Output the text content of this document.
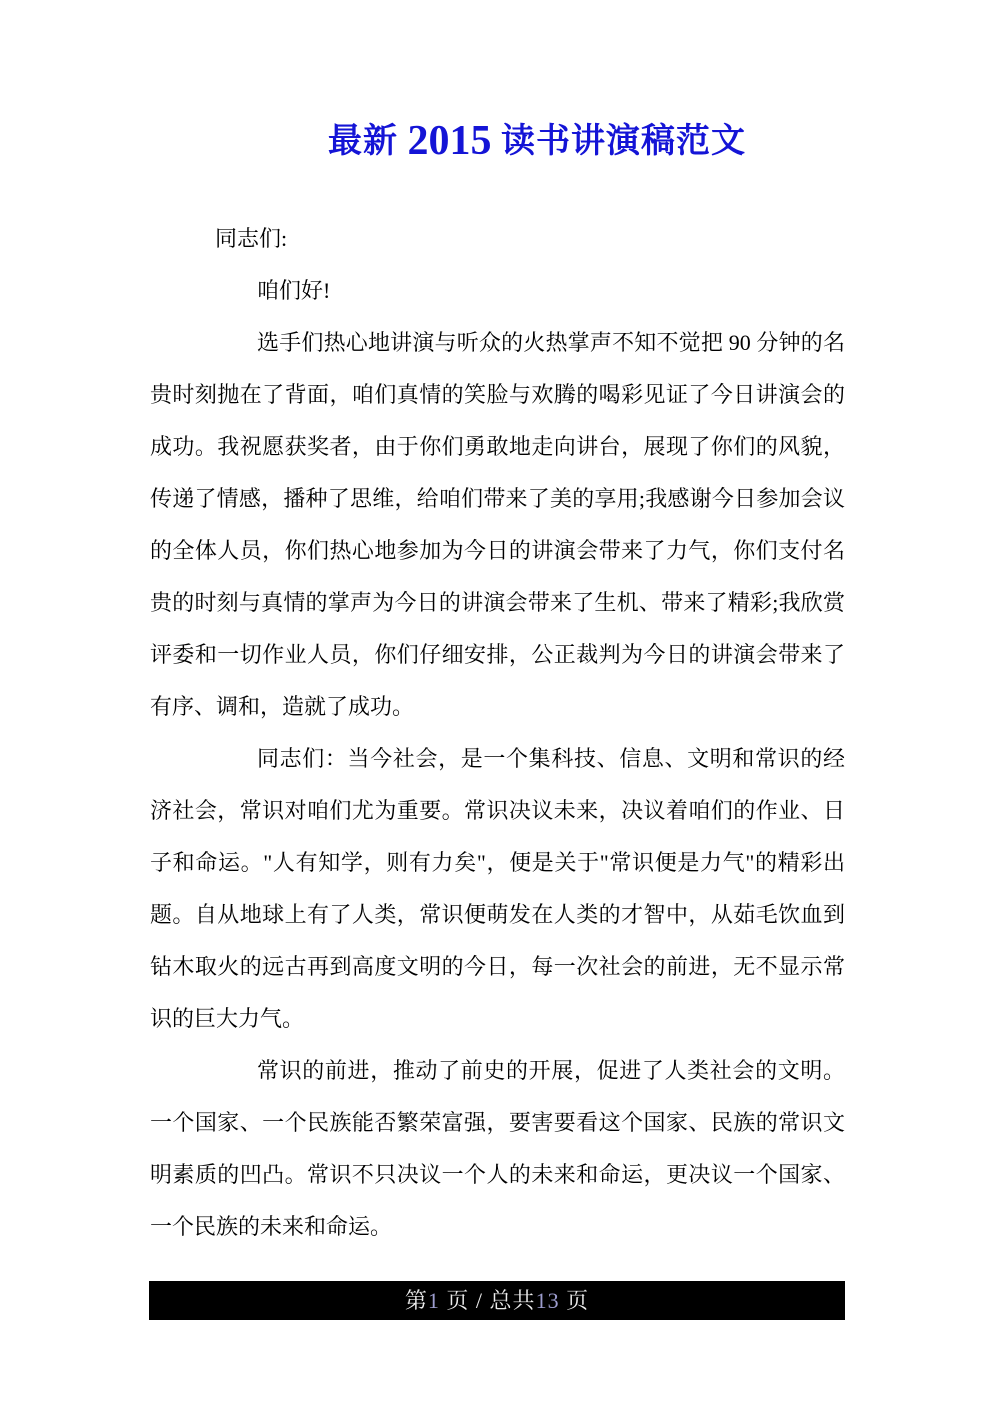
最新 2015 读书讲演稿范文

同志们:

咱们好!

选手们热心地讲演与听众的火热掌声不知不觉把 90 分钟的名贵时刻抛在了背面，咱们真情的笑脸与欢腾的喝彩见证了今日讲演会的成功。我祝愿获奖者，由于你们勇敢地走向讲台，展现了你们的风貌，传递了情感，播种了思维，给咱们带来了美的享用;我感谢今日参加会议的全体人员，你们热心地参加为今日的讲演会带来了力气，你们支付名贵的时刻与真情的掌声为今日的讲演会带来了生机、带来了精彩;我欣赏评委和一切作业人员，你们仔细安排，公正裁判为今日的讲演会带来了有序、调和，造就了成功。

同志们：当今社会，是一个集科技、信息、文明和常识的经济社会，常识对咱们尤为重要。常识决议未来，决议着咱们的作业、日子和命运。"人有知学，则有力矣"，便是关于"常识便是力气"的精彩出题。自从地球上有了人类，常识便萌发在人类的才智中，从茹毛饮血到钻木取火的远古再到高度文明的今日，每一次社会的前进，无不显示常识的巨大力气。

常识的前进，推动了前史的开展，促进了人类社会的文明。一个国家、一个民族能否繁荣富强，要害要看这个国家、民族的常识文明素质的凹凸。常识不只决议一个人的未来和命运，更决议一个国家、一个民族的未来和命运。

第1 页 / 总共13 页
